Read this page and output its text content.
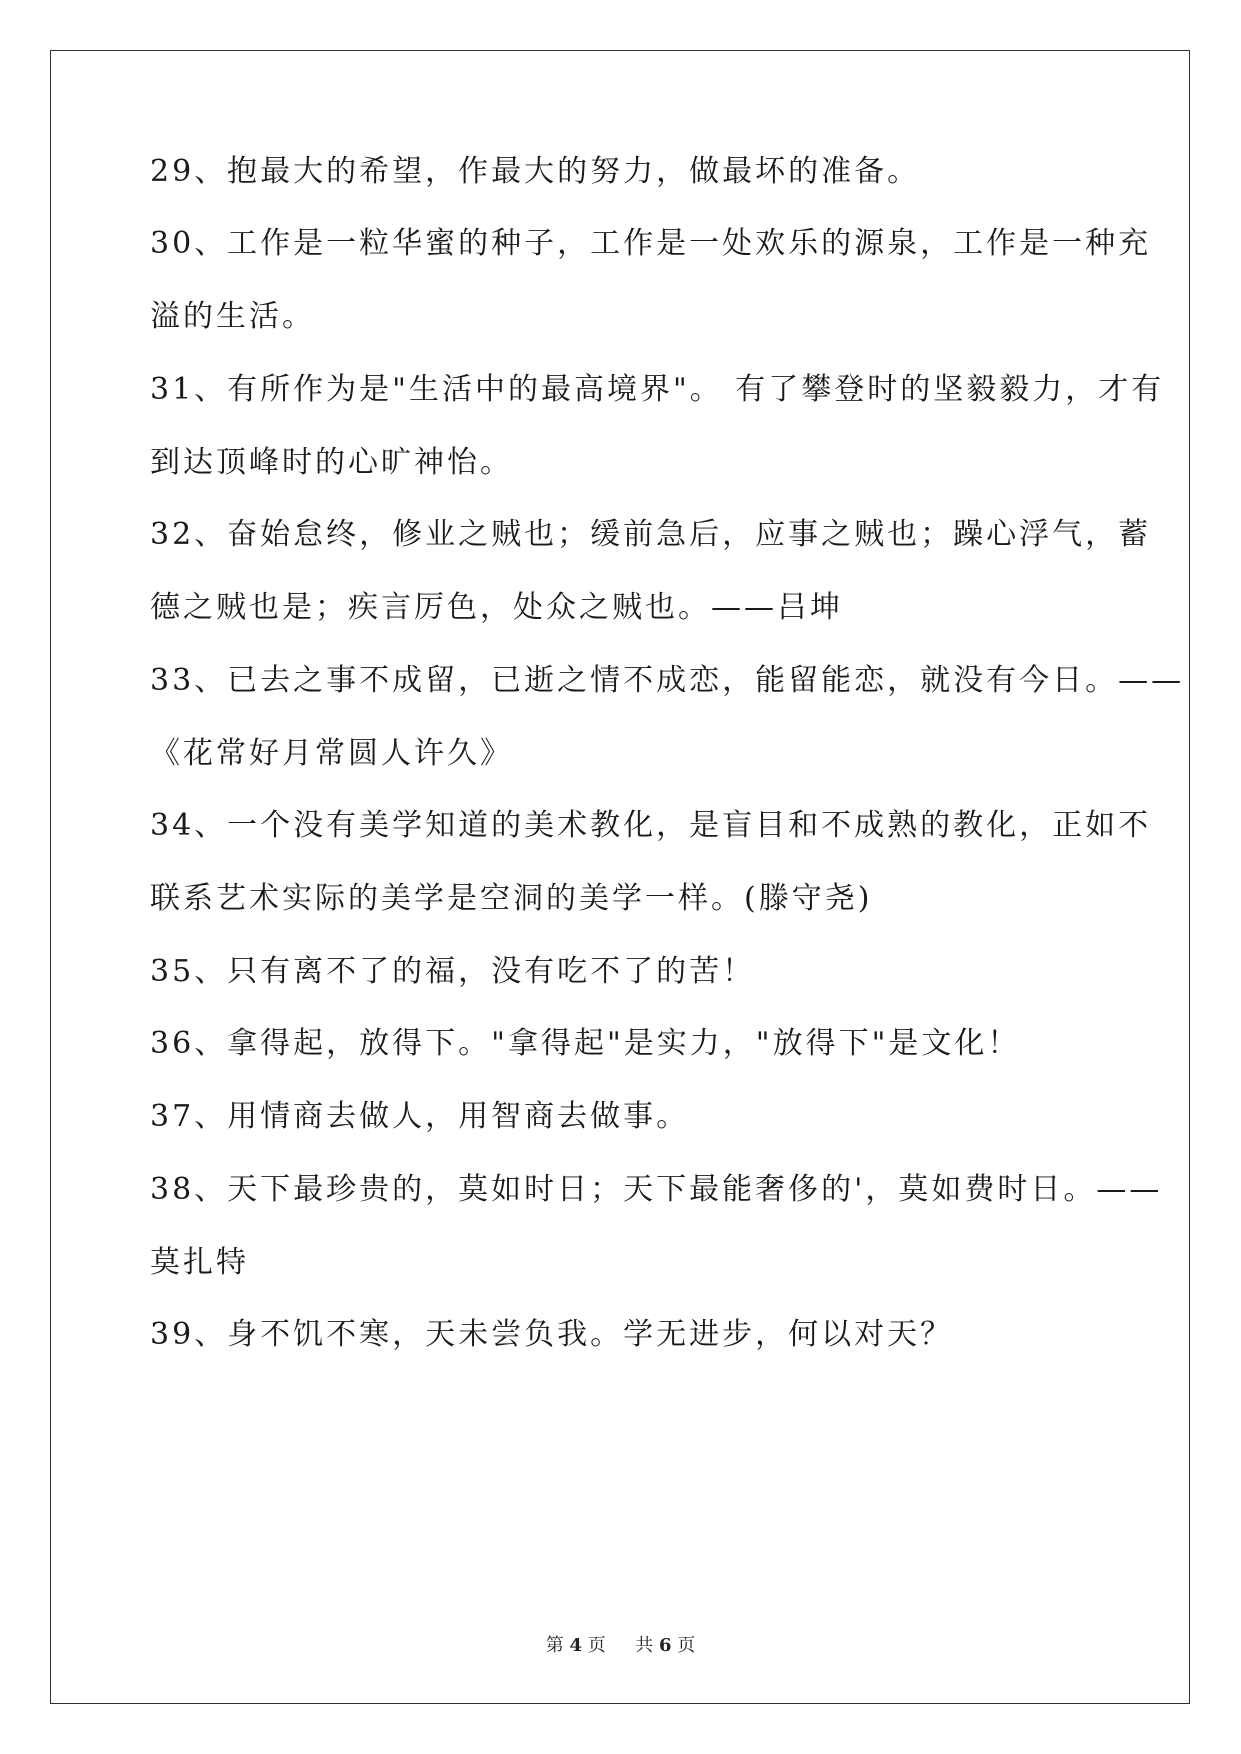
29、抱最大的希望，作最大的努力，做最坏的准备。
30、工作是一粒华蜜的种子，工作是一处欢乐的源泉，工作是一种充
溢的生活。
31、有所作为是"生活中的最高境界"。 有了攀登时的坚毅毅力，才有
到达顶峰时的心旷神怡。
32、奋始怠终，修业之贼也；缓前急后，应事之贼也；躁心浮气，蓄
德之贼也是；疾言厉色，处众之贼也。——吕坤
33、已去之事不成留，已逝之情不成恋，能留能恋，就没有今日。——
《花常好月常圆人许久》
34、一个没有美学知道的美术教化，是盲目和不成熟的教化，正如不
联系艺术实际的美学是空洞的美学一样。(滕守尧)
35、只有离不了的福，没有吃不了的苦！
36、拿得起，放得下。"拿得起"是实力，"放得下"是文化！
37、用情商去做人，用智商去做事。
38、天下最珍贵的，莫如时日；天下最能奢侈的'，莫如费时日。——
莫扎特
39、身不饥不寒，天未尝负我。学无进步，何以对天？
第 4 页 共 6 页
